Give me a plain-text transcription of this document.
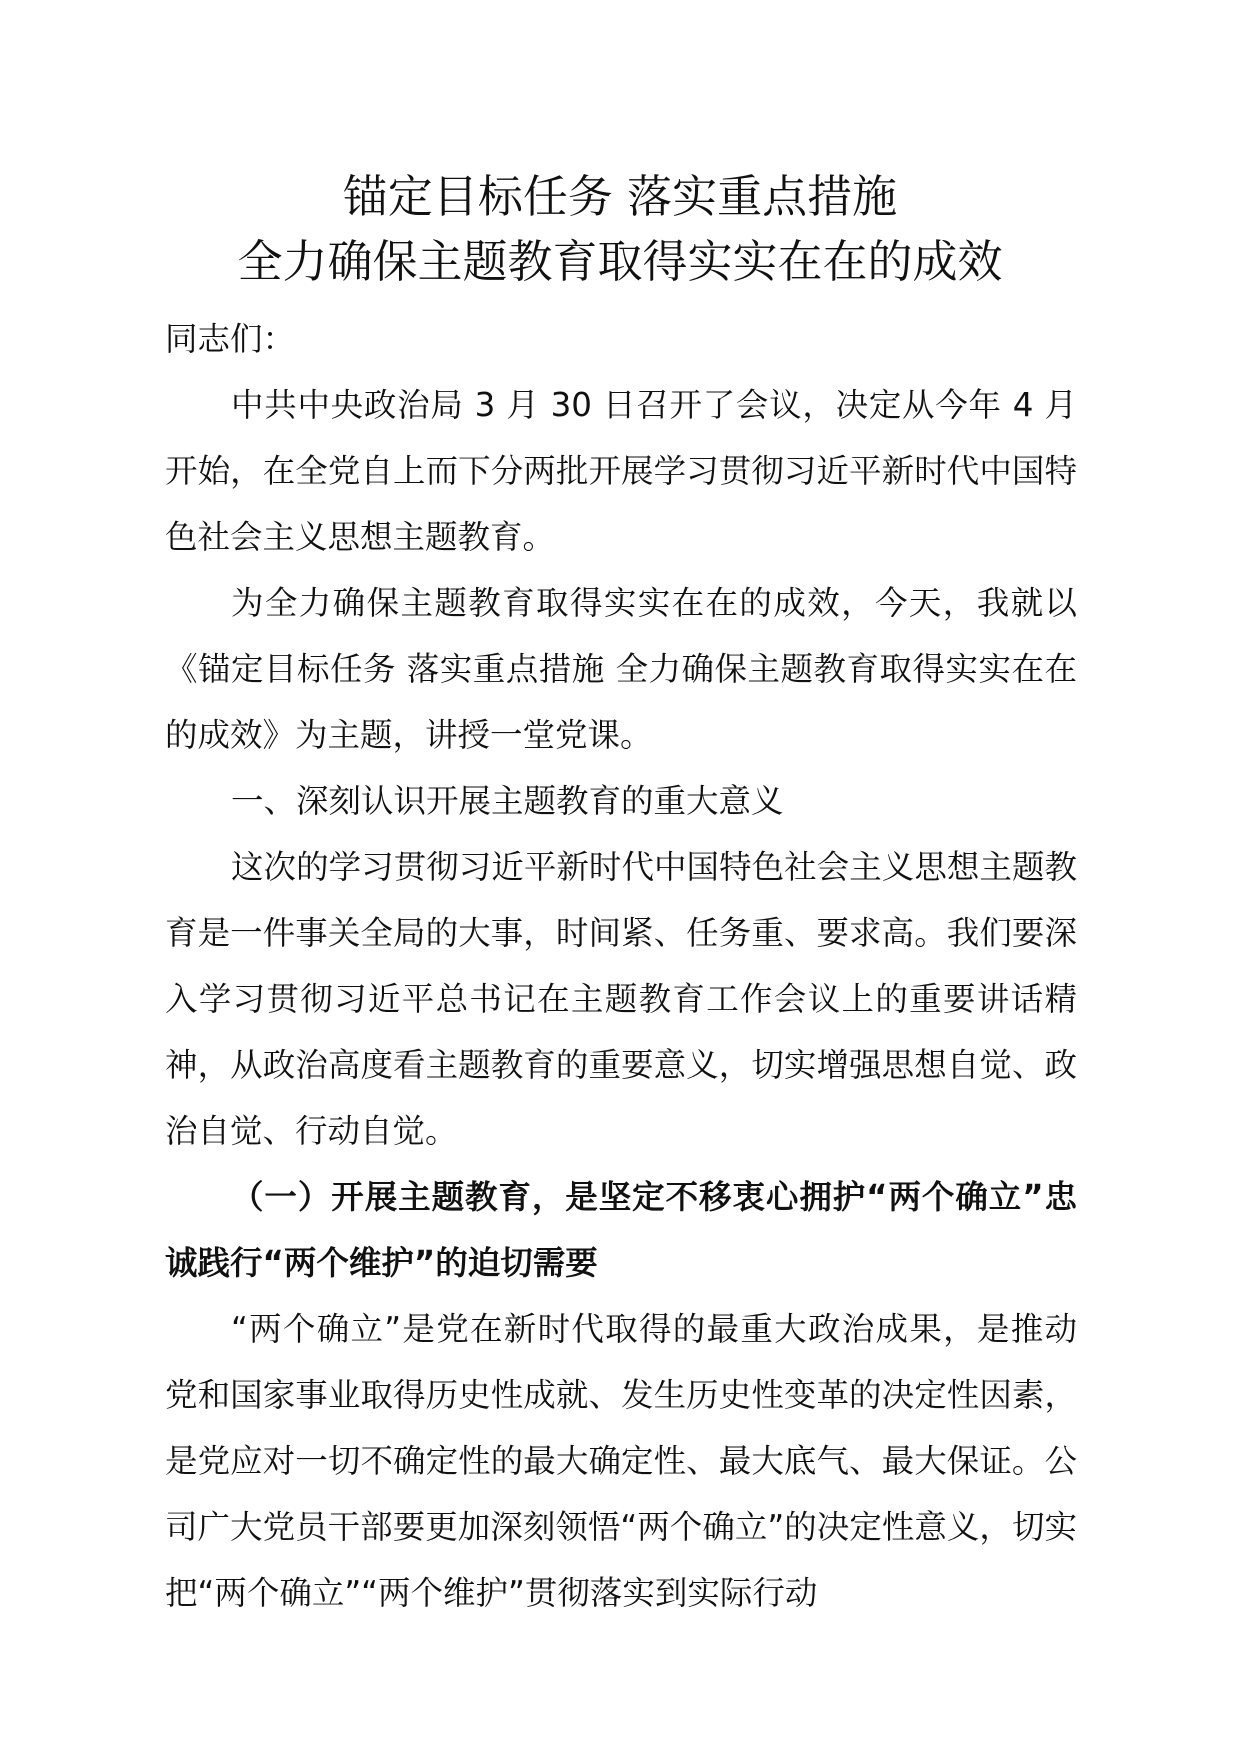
锚定目标任务 落实重点措施
全力确保主题教育取得实实在在的成效

同志们：

中共中央政治局 3 月 30 日召开了会议，决定从今年 4 月开始，在全党自上而下分两批开展学习贯彻习近平新时代中国特色社会主义思想主题教育。

为全力确保主题教育取得实实在在的成效，今天，我就以《锚定目标任务 落实重点措施 全力确保主题教育取得实实在在的成效》为主题，讲授一堂党课。

一、深刻认识开展主题教育的重大意义

这次的学习贯彻习近平新时代中国特色社会主义思想主题教育是一件事关全局的大事，时间紧、任务重、要求高。我们要深入学习贯彻习近平总书记在主题教育工作会议上的重要讲话精神，从政治高度看主题教育的重要意义，切实增强思想自觉、政治自觉、行动自觉。

（一）开展主题教育，是坚定不移衷心拥护“两个确立”忠诚践行“两个维护”的迫切需要

“两个确立”是党在新时代取得的最重大政治成果，是推动党和国家事业取得历史性成就、发生历史性变革的决定性因素，是党应对一切不确定性的最大确定性、最大底气、最大保证。公司广大党员干部要更加深刻领悟“两个确立”的决定性意义，切实把“两个确立”“两个维护”贯彻落实到实际行动
